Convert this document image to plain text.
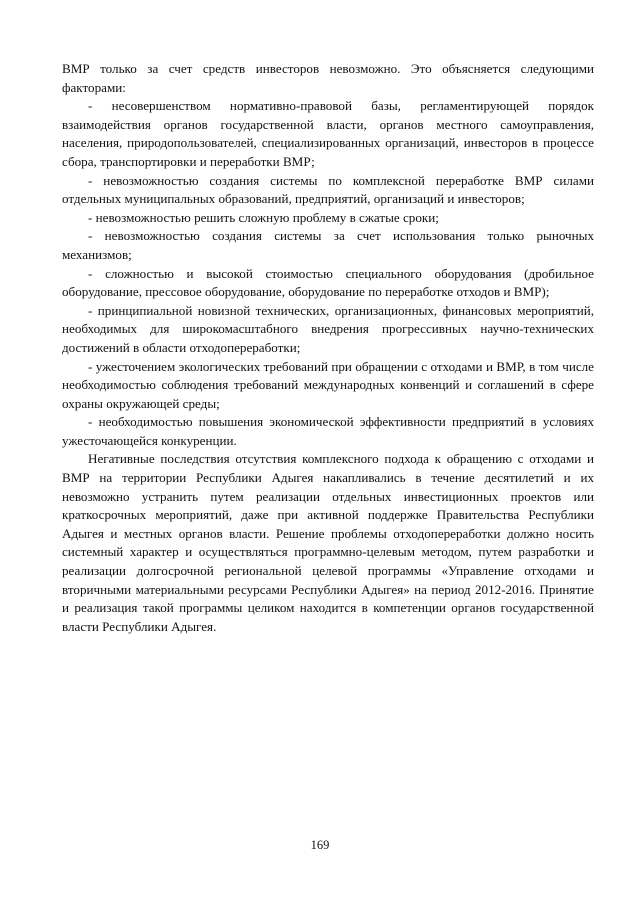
ВМР только за счет средств инвесторов невозможно. Это объясняется следующими факторами:

- несовершенством нормативно-правовой базы, регламентирующей порядок взаимодействия органов государственной власти, органов местного самоуправления, населения, природопользователей, специализированных организаций, инвесторов в процессе сбора, транспортировки и переработки ВМР;

- невозможностью создания системы по комплексной переработке ВМР силами отдельных муниципальных образований, предприятий, организаций и инвесторов;

- невозможностью решить сложную проблему в сжатые сроки;

- невозможностью создания системы за счет использования только рыночных механизмов;

- сложностью и высокой стоимостью специального оборудования (дробильное оборудование, прессовое оборудование, оборудование по переработке отходов и ВМР);

- принципиальной новизной технических, организационных, финансовых мероприятий, необходимых для широкомасштабного внедрения прогрессивных научно-технических достижений в области отходопереработки;

- ужесточением экологических требований при обращении с отходами и ВМР, в том числе необходимостью соблюдения требований международных конвенций и соглашений в сфере охраны окружающей среды;

- необходимостью повышения экономической эффективности предприятий в условиях ужесточающейся конкуренции.

Негативные последствия отсутствия комплексного подхода к обращению с отходами и ВМР на территории Республики Адыгея накапливались в течение десятилетий и их невозможно устранить путем реализации отдельных инвестиционных проектов или краткосрочных мероприятий, даже при активной поддержке Правительства Республики Адыгея и местных органов власти. Решение проблемы отходопереработки должно носить системный характер и осуществляться программно-целевым методом, путем разработки и реализации долгосрочной региональной целевой программы «Управление отходами и вторичными материальными ресурсами Республики Адыгея» на период 2012-2016. Принятие и реализация такой программы целиком находится в компетенции органов государственной власти Республики Адыгея.

169
